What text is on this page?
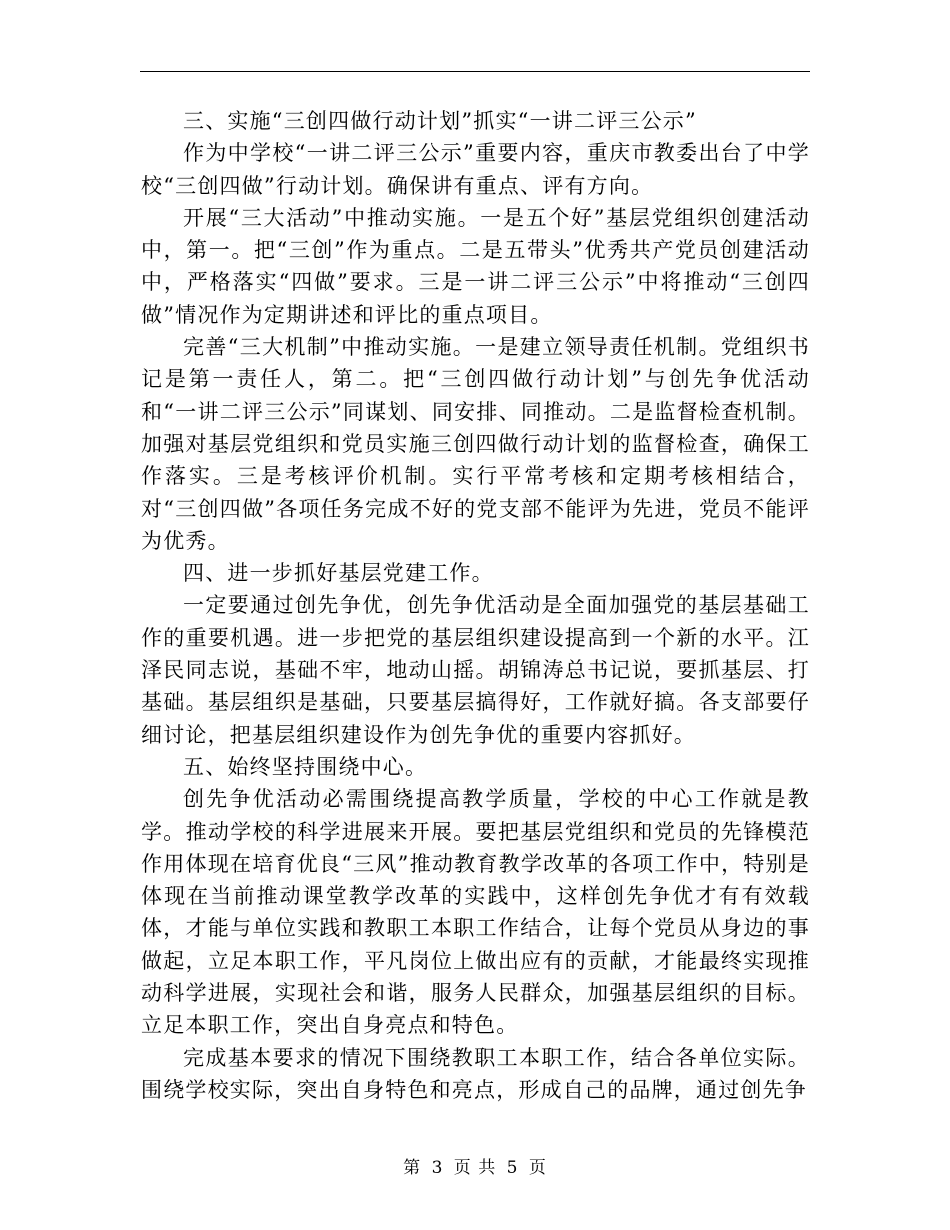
三、实施“三创四做行动计划”抓实“一讲二评三公示”

作为中学校“一讲二评三公示”重要内容，重庆市教委出台了中学校“三创四做”行动计划。确保讲有重点、评有方向。

开展“三大活动”中推动实施。一是五个好”基层党组织创建活动中，第一。把“三创”作为重点。二是五带头”优秀共产党员创建活动中，严格落实“四做”要求。三是一讲二评三公示”中将推动“三创四做”情况作为定期讲述和评比的重点项目。

完善“三大机制”中推动实施。一是建立领导责任机制。党组织书记是第一责任人，第二。把“三创四做行动计划”与创先争优活动和“一讲二评三公示”同谋划、同安排、同推动。二是监督检查机制。加强对基层党组织和党员实施三创四做行动计划的监督检查，确保工作落实。三是考核评价机制。实行平常考核和定期考核相结合，对“三创四做”各项任务完成不好的党支部不能评为先进，党员不能评为优秀。

四、进一步抓好基层党建工作。

一定要通过创先争优，创先争优活动是全面加强党的基层基础工作的重要机遇。进一步把党的基层组织建设提高到一个新的水平。江泽民同志说，基础不牢，地动山摇。胡锦涛总书记说，要抓基层、打基础。基层组织是基础，只要基层搞得好，工作就好搞。各支部要仔细讨论，把基层组织建设作为创先争优的重要内容抓好。

五、始终坚持围绕中心。

创先争优活动必需围绕提高教学质量，学校的中心工作就是教学。推动学校的科学进展来开展。要把基层党组织和党员的先锋模范作用体现在培育优良“三风”推动教育教学改革的各项工作中，特别是体现在当前推动课堂教学改革的实践中，这样创先争优才有有效载体，才能与单位实践和教职工本职工作结合，让每个党员从身边的事做起，立足本职工作，平凡岗位上做出应有的贡献，才能最终实现推动科学进展，实现社会和谐，服务人民群众，加强基层组织的目标。立足本职工作，突出自身亮点和特色。

完成基本要求的情况下围绕教职工本职工作，结合各单位实际。围绕学校实际，突出自身特色和亮点，形成自己的品牌，通过创先争

第 3 页 共 5 页
